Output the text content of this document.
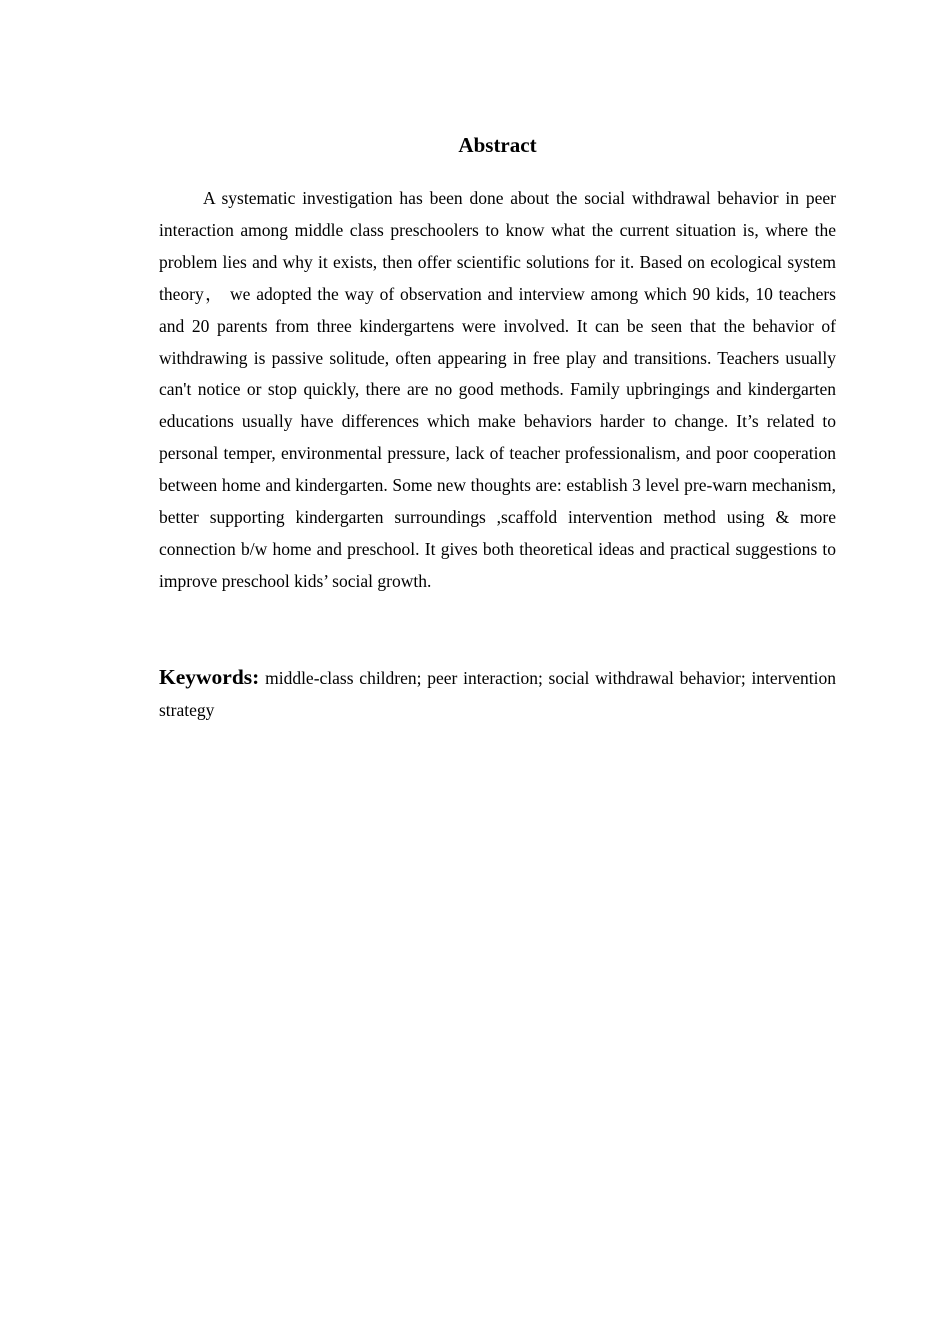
Abstract

A systematic investigation has been done about the social withdrawal behavior in peer interaction among middle class preschoolers to know what the current situation is, where the problem lies and why it exists, then offer scientific solutions for it. Based on ecological system theory， we adopted the way of observation and interview among which 90 kids, 10 teachers and 20 parents from three kindergartens were involved. It can be seen that the behavior of withdrawing is passive solitude, often appearing in free play and transitions. Teachers usually can't notice or stop quickly, there are no good methods. Family upbringings and kindergarten educations usually have differences which make behaviors harder to change. It’s related to personal temper, environmental pressure, lack of teacher professionalism, and poor cooperation between home and kindergarten. Some new thoughts are: establish 3 level pre-warn mechanism, better supporting kindergarten surroundings ,scaffold intervention method using & more connection b/w home and preschool. It gives both theoretical ideas and practical suggestions to improve preschool kids’ social growth.

Keywords: middle-class children; peer interaction; social withdrawal behavior; intervention strategy
